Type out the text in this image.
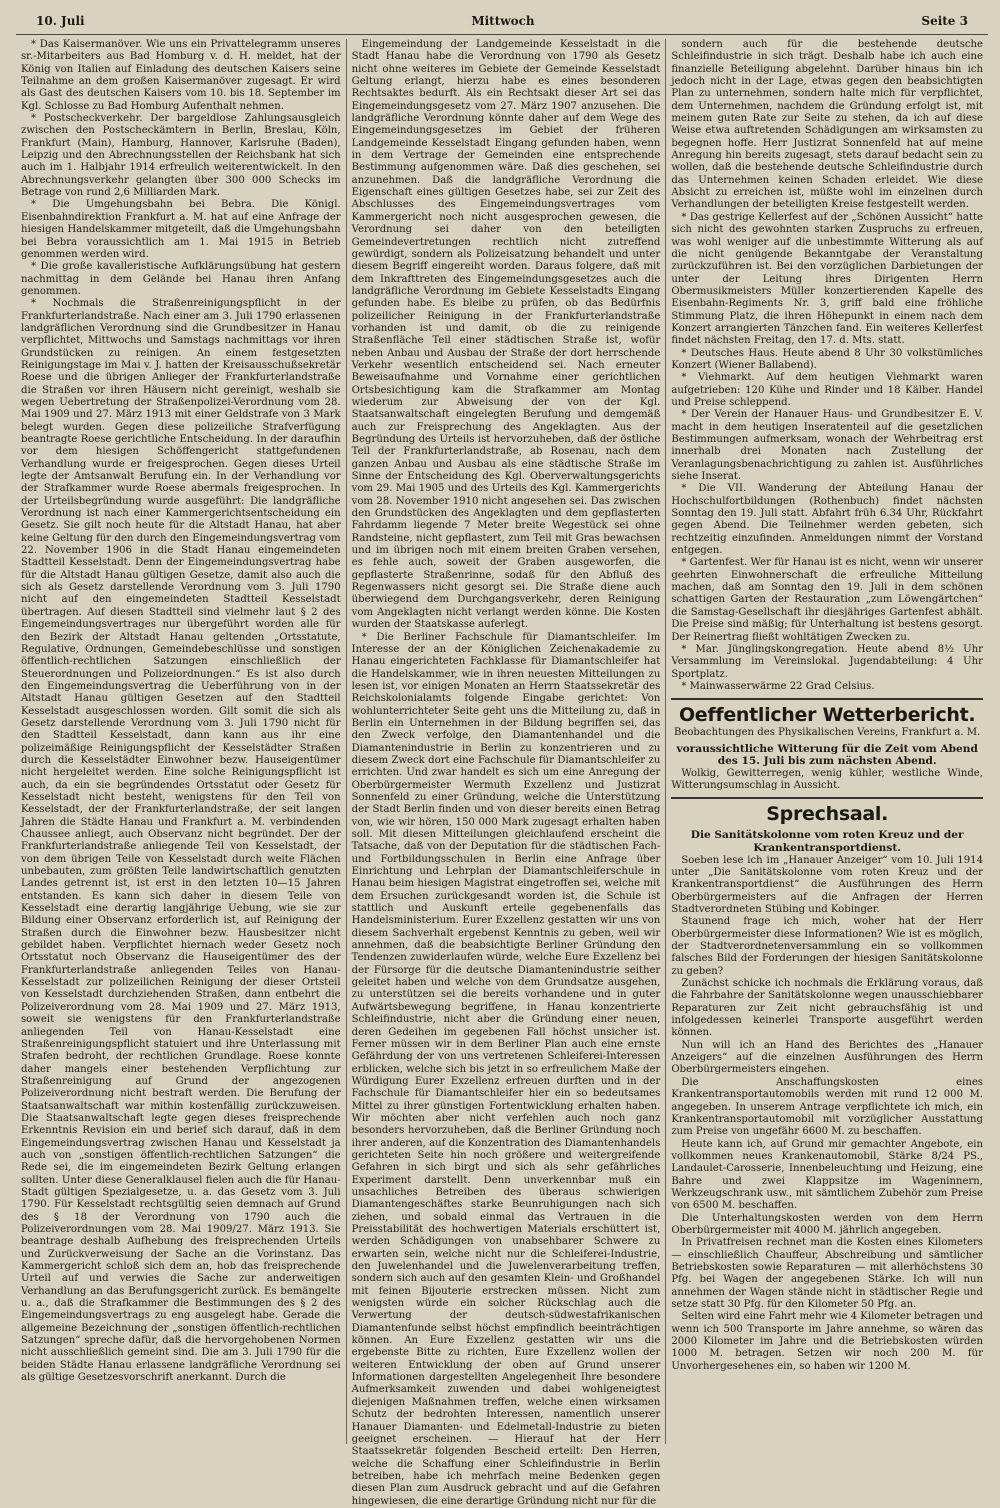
10. Juli	Mittwoch	Seite 3

* Das Kaisermanöver. Wie uns ein Privattelegramm unseres sr.-Mitarbeiters aus Bad Homburg v. d. H. meldet, hat der König von Italien auf Einladung des deutschen Kaisers seine Teilnahme an dem großen Kaisermanöver zugesagt. Er wird als Gast des deutschen Kaisers vom 10. bis 18. September im Kgl. Schlosse zu Bad Homburg Aufenthalt nehmen.

* Postscheckverkehr. Der bargeldlose Zahlungsausgleich zwischen den Postscheckämtern in Berlin, Breslau, Köln, Frankfurt (Main), Hamburg, Hannover, Karlsruhe (Baden), Leipzig und den Abrechnungsstellen der Reichsbank hat sich auch im 1. Halbjahr 1914 erfreulich weiterentwickelt. In den Abrechnungsverkehr gelangten über 300 000 Schecks im Betrage von rund 2,6 Milliarden Mark.

* Die Umgehungsbahn bei Bebra. Die Königl. Eisenbahndirektion Frankfurt a. M. hat auf eine Anfrage der hiesigen Handelskammer mitgeteilt, daß die Umgehungsbahn bei Bebra voraussichtlich am 1. Mai 1915 in Betrieb genommen werden wird.

* Die große kavalleristische Aufklärungsübung hat gestern nachmittag in dem Gelände bei Hanau ihren Anfang genommen.

* Nochmals die Straßenreinigungspflicht in der Frankfurterlandstraße. Nach einer am 3. Juli 1790 erlassenen landgräflichen Verordnung sind die Grundbesitzer in Hanau verpflichtet, Mittwochs und Samstags nachmittags vor ihren Grundstücken zu reinigen. An einem festgesetzten Reinigungstage im Mai v. J. hatten der Kreisausschußsekretär Roese und die übrigen Anlieger der Frankfurterlandstraße die Straßen vor ihren Häusern nicht gereinigt, weshalb sie wegen Uebertretung der Straßenpolizei-Verordnung vom 28. Mai 1909 und 27. März 1913 mit einer Geldstrafe von 3 Mark belegt wurden. Gegen diese polizeiliche Strafverfügung beantragte Roese gerichtliche Entscheidung. In der daraufhin vor dem hiesigen Schöffengericht stattgefundenen Verhandlung wurde er freigesprochen. Gegen dieses Urteil legte der Amtsanwalt Berufung ein. In der Verhandlung vor der Strafkammer wurde Roese abermals freigesprochen. In der Urteilsbegründung wurde ausgeführt: Die landgräfliche Verordnung ist nach einer Kammergerichtsentscheidung ein Gesetz. Sie gilt noch heute für die Altstadt Hanau, hat aber keine Geltung für den durch den Eingemeindungsvertrag vom 22. November 1906 in die Stadt Hanau eingemeindeten Stadtteil Kesselstadt. Denn der Eingemeindungsvertrag habe für die Altstadt Hanau gültigen Gesetze, damit also auch die sich als Gesetz darstellende Verordnung vom 3. Juli 1790 nicht auf den eingemeindeten Stadtteil Kesselstadt übertragen. Auf diesen Stadtteil sind vielmehr laut § 2 des Eingemeindungsvertrages nur übergeführt worden alle für den Bezirk der Altstadt Hanau geltenden „Ortsstatute, Regulative, Ordnungen, Gemeindebeschlüsse und sonstigen öffentlich-rechtlichen Satzungen einschließlich der Steuerordnungen und Polizeiordnungen.“ Es ist also durch den Eingemeindungsvertrag die Ueberführung von in der Altstadt Hanau gültigen Gesetzen auf den Stadtteil Kesselstadt ausgeschlossen worden. Gilt somit die sich als Gesetz darstellende Verordnung vom 3. Juli 1790 nicht für den Stadtteil Kesselstadt, dann kann aus ihr eine polizeimäßige Reinigungspflicht der Kesselstädter Straßen durch die Kesselstädter Einwohner bezw. Hauseigentümer nicht hergeleitet werden. Eine solche Reinigungspflicht ist auch, da ein sie begründendes Ortsstatut oder Gesetz für Kesselstadt nicht besteht, wenigstens für den Teil von Kesselstadt, der der Frankfurterlandstraße, der seit langen Jahren die Städte Hanau und Frankfurt a. M. verbindenden Chaussee anliegt, auch Observanz nicht begründet. Der der Frankfurterlandstraße anliegende Teil von Kesselstadt, der von dem übrigen Teile von Kesselstadt durch weite Flächen unbebauten, zum größten Teile landwirtschaftlich genutzten Landes getrennt ist, ist erst in den letzten 10—15 Jahren entstanden. Es kann sich daher in diesem Teile von Kesselstadt eine derartig langjährige Uebung, wie sie zur Bildung einer Observanz erforderlich ist, auf Reinigung der Straßen durch die Einwohner bezw. Hausbesitzer nicht gebildet haben. Verpflichtet hiernach weder Gesetz noch Ortsstatut noch Observanz die Hauseigentümer des der Frankfurterlandstraße anliegenden Teiles von Hanau-Kesselstadt zur polizeilichen Reinigung der dieser Ortsteil von Kesselstadt durchziehenden Straßen, dann entbehrt die Polizeiverordnung vom 28. Mai 1909 und 27. März 1913, soweit sie wenigstens für den Frankfurterlandstraße anliegenden Teil von Hanau-Kesselstadt eine Straßenreinigungspflicht statuiert und ihre Unterlassung mit Strafen bedroht, der rechtlichen Grundlage. Roese konnte daher mangels einer bestehenden Verpflichtung zur Straßenreinigung auf Grund der angezogenen Polizeiverordnung nicht bestraft werden. Die Berufung der Staatsanwaltschaft war mithin kostenfällig zurückzuweisen. Die Staatsanwaltschaft legte gegen dieses freisprechende Erkenntnis Revision ein und berief sich darauf, daß in dem Eingemeindungsvertrag zwischen Hanau und Kesselstadt ja auch von „sonstigen öffentlich-rechtlichen Satzungen“ die Rede sei, die im eingemeindeten Bezirk Geltung erlangen sollten. Unter diese Generalklausel fielen auch die für Hanau-Stadt gültigen Spezialgesetze, u. a. das Gesetz vom 3. Juli 1790. Für Kesselstadt rechtsgültig seien demnach auf Grund des § 18 der Verordnung von 1790 auch die Polizeiverordnungen vom 28. Mai 1909/27. März 1913. Sie beantrage deshalb Aufhebung des freisprechenden Urteils und Zurückverweisung der Sache an die Vorinstanz. Das Kammergericht schloß sich dem an, hob das freisprechende Urteil auf und verwies die Sache zur anderweitigen Verhandlung an das Berufungsgericht zurück. Es bemängelte u. a., daß die Strafkammer die Bestimmungen des § 2 des Eingemeindungsvertrags zu eng ausgelegt habe. Gerade die allgemeine Bezeichnung der „sonstigen öffentlich-rechtlichen Satzungen“ spreche dafür, daß die hervorgehobenen Normen nicht ausschließlich gemeint sind. Die am 3. Juli 1790 für die beiden Städte Hanau erlassene landgräfliche Verordnung sei als gültige Gesetzesvorschrift anerkannt. Durch die

Eingemeindung der Landgemeinde Kesselstadt in die Stadt Hanau habe die Verordnung von 1790 als Gesetz nicht ohne weiteres im Gebiete der Gemeinde Kesselstadt Geltung erlangt, hierzu habe es eines besonderen Rechtsaktes bedurft. Als ein Rechtsakt dieser Art sei das Eingemeindungsgesetz vom 27. März 1907 anzusehen. Die landgräfliche Verordnung könnte daher auf dem Wege des Eingemeindungsgesetzes im Gebiet der früheren Landgemeinde Kesselstadt Eingang gefunden haben, wenn in dem Vertrage der Gemeinden eine entsprechende Bestimmung aufgenommen wäre. Daß dies geschehen, sei anzunehmen. Daß die landgräfliche Verordnung die Eigenschaft eines gültigen Gesetzes habe, sei zur Zeit des Abschlusses des Eingemeindungsvertrages vom Kammergericht noch nicht ausgesprochen gewesen, die Verordnung sei daher von den beteiligten Gemeindevertretungen rechtlich nicht zutreffend gewürdigt, sondern als Polizeisatzung behandelt und unter diesem Begriff eingereiht worden. Daraus folgere, daß mit dem Inkrafttreten des Eingemeindungsgesetzes auch die landgräfliche Verordnung im Gebiete Kesselstadts Eingang gefunden habe. Es bleibe zu prüfen, ob das Bedürfnis polizeilicher Reinigung in der Frankfurterlandstraße vorhanden ist und damit, ob die zu reinigende Straßenfläche Teil einer städtischen Straße ist, wofür neben Anbau und Ausbau der Straße der dort herrschende Verkehr wesentlich entscheidend sei. Nach erneuter Beweisaufnahme und Vornahme einer gerichtlichen Ortsbesichtigung kam die Strafkammer am Montag wiederum zur Abweisung der von der Kgl. Staatsanwaltschaft eingelegten Berufung und demgemäß auch zur Freisprechung des Angeklagten. Aus der Begründung des Urteils ist hervorzuheben, daß der östliche Teil der Frankfurterlandstraße, ab Rosenau, nach dem ganzen Anbau und Ausbau als eine städtische Straße im Sinne der Entscheidung des Kgl. Oberverwaltungsgerichts vom 29. Mai 1905 und des Urteils des Kgl. Kammergerichts vom 28. November 1910 nicht angesehen sei. Das zwischen den Grundstücken des Angeklagten und dem gepflasterten Fahrdamm liegende 7 Meter breite Wegestück sei ohne Randsteine, nicht gepflastert, zum Teil mit Gras bewachsen und im übrigen noch mit einem breiten Graben versehen, es fehle auch, soweit der Graben ausgeworfen, die gepflasterte Straßenrinne, sodaß für den Abfluß des Regenwassers nicht gesorgt sei. Die Straße diene auch überwiegend dem Durchgangsverkehr, deren Reinigung vom Angeklagten nicht verlangt werden könne. Die Kosten wurden der Staatskasse auferlegt.

* Die Berliner Fachschule für Diamantschleifer. Im Interesse der an der Königlichen Zeichenakademie zu Hanau eingerichteten Fachklasse für Diamantschleifer hat die Handelskammer, wie in ihren neuesten Mitteilungen zu lesen ist, vor einigen Monaten an Herrn Staatssekretär des Reichskolonialamts folgende Eingabe gerichtet: Von wohlunterrichteter Seite geht uns die Mitteilung zu, daß in Berlin ein Unternehmen in der Bildung begriffen sei, das den Zweck verfolge, den Diamantenhandel und die Diamantenindustrie in Berlin zu konzentrieren und zu diesem Zweck dort eine Fachschule für Diamantschleifer zu errichten. Und zwar handelt es sich um eine Anregung der Oberbürgermeister Wermuth Exzellenz und Justizrat Sonnenfeld zu einer Gründung, welche die Unterstützung der Stadt Berlin finden und von dieser bereits einen Betrag von, wie wir hören, 150 000 Mark zugesagt erhalten haben soll. Mit diesen Mitteilungen gleichlaufend erscheint die Tatsache, daß von der Deputation für die städtischen Fach- und Fortbildungsschulen in Berlin eine Anfrage über Einrichtung und Lehrplan der Diamantschleiferschule in Hanau beim hiesigen Magistrat eingetroffen sei, welche mit dem Ersuchen zurückgesandt worden ist, die Schule ist stattlich und Auskunft erteile gegebenenfalls das Handelsministerium. Eurer Exzellenz gestatten wir uns von diesem Sachverhalt ergebenst Kenntnis zu geben, weil wir annehmen, daß die beabsichtigte Berliner Gründung den Tendenzen zuwiderlaufen würde, welche Eure Exzellenz bei der Fürsorge für die deutsche Diamantenindustrie seither geleitet haben und welche von dem Grundsatze ausgehen, zu unterstützen sei die bereits vorhandene und in guter Aufwärtsbewegung begriffene, in Hanau konzentrierte Schleifindustrie, nicht aber die Gründung einer neuen, deren Gedeihen im gegebenen Fall höchst unsicher ist. Ferner müssen wir in dem Berliner Plan auch eine ernste Gefährdung der von uns vertretenen Schleiferei-Interessen erblicken, welche sich bis jetzt in so erfreulichem Maße der Würdigung Eurer Exzellenz erfreuen durften und in der Fachschule für Diamantschleifer hier ein so bedeutsames Mittel zu ihrer günstigen Fortentwicklung erhalten haben. Wir möchten aber nicht verfehlen auch noch ganz besonders hervorzuheben, daß die Berliner Gründung noch ihrer anderen, auf die Konzentration des Diamantenhandels gerichteten Seite hin noch größere und weitergreifende Gefahren in sich birgt und sich als sehr gefährliches Experiment darstellt. Denn unverkennbar muß ein unsachliches Betreiben des überaus schwierigen Diamantengeschäftes starke Beunruhigungen nach sich ziehen, und sobald einmal das Vertrauen in die Preisstabilität des hochwertigen Materials erschüttert ist, werden Schädigungen von unabsehbarer Schwere zu erwarten sein, welche nicht nur die Schleiferei-Industrie, den Juwelenhandel und die Juwelenverarbeitung treffen, sondern sich auch auf den gesamten Klein- und Großhandel mit feinen Bijouterie erstrecken müssen. Nicht zum wenigsten würde ein solcher Rückschlag auch die Verwertung der deutsch-südwestafrikanischen Diamantenfunde selbst höchst empfindlich beeinträchtigen können. An Eure Exzellenz gestatten wir uns die ergebenste Bitte zu richten, Eure Exzellenz wollen der weiteren Entwicklung der oben auf Grund unserer Informationen dargestellten Angelegenheit Ihre besondere Aufmerksamkeit zuwenden und dabei wohlgeneigtest diejenigen Maßnahmen treffen, welche einen wirksamen Schutz der bedrohten Interessen, namentlich unserer Hanauer Diamanten- und Edelmetall-Industrie zu bieten geeignet erscheinen. — Hierauf hat der Herr Staatssekretär folgenden Bescheid erteilt: Den Herren, welche die Schaffung einer Schleifindustrie in Berlin betreiben, habe ich mehrfach meine Bedenken gegen diesen Plan zum Ausdruck gebracht und auf die Gefahren hingewiesen, die eine derartige Gründung nicht nur für die

sondern auch für die bestehende deutsche Schleifindustrie in sich trägt. Deshalb habe ich auch eine finanzielle Beteiligung abgelehnt. Darüber hinaus bin ich jedoch nicht in der Lage, etwas gegen den beabsichtigten Plan zu unternehmen, sondern halte mich für verpflichtet, dem Unternehmen, nachdem die Gründung erfolgt ist, mit meinem guten Rate zur Seite zu stehen, da ich auf diese Weise etwa auftretenden Schädigungen am wirksamsten zu begegnen hoffe. Herr Justizrat Sonnenfeld hat auf meine Anregung hin bereits zugesagt, stets darauf bedacht sein zu wollen, daß die bestehende deutsche Schleifindustrie durch das Unternehmen keinen Schaden erleidet. Wie diese Absicht zu erreichen ist, müßte wohl im einzelnen durch Verhandlungen der beteiligten Kreise festgestellt werden.

* Das gestrige Kellerfest auf der „Schönen Aussicht“ hatte sich nicht des gewohnten starken Zuspruchs zu erfreuen, was wohl weniger auf die unbestimmte Witterung als auf die nicht genügende Bekanntgabe der Veranstaltung zurückzuführen ist. Bei den vorzüglichen Darbietungen der unter der Leitung ihres Dirigenten Herrn Obermusikmeisters Müller konzertierenden Kapelle des Eisenbahn-Regiments Nr. 3, griff bald eine fröhliche Stimmung Platz, die ihren Höhepunkt in einem nach dem Konzert arrangierten Tänzchen fand. Ein weiteres Kellerfest findet nächsten Freitag, den 17. d. Mts. statt.

* Deutsches Haus. Heute abend 8 Uhr 30 volkstümliches Konzert (Wiener Ballabend).

* Viehmarkt. Auf dem heutigen Viehmarkt waren aufgetrieben: 120 Kühe und Rinder und 18 Kälber. Handel und Preise schleppend.

* Der Verein der Hanauer Haus- und Grundbesitzer E. V. macht in dem heutigen Inseratenteil auf die gesetzlichen Bestimmungen aufmerksam, wonach der Wehrbeitrag erst innerhalb drei Monaten nach Zustellung der Veranlagungsbenachrichtigung zu zahlen ist. Ausführliches siehe Inserat.

* Die VII. Wanderung der Abteilung Hanau der Hochschulfortbildungen (Rothenbuch) findet nächsten Sonntag den 19. Juli statt. Abfahrt früh 6.34 Uhr, Rückfahrt gegen Abend. Die Teilnehmer werden gebeten, sich rechtzeitig einzufinden. Anmeldungen nimmt der Vorstand entgegen.

* Gartenfest. Wer für Hanau ist es nicht, wenn wir unserer geehrten Einwohnerschaft die erfreuliche Mitteilung machen, daß am Sonntag den 19. Juli in dem schönen schattigen Garten der Restauration „zum Löwengärtchen“ die Samstag-Gesellschaft ihr diesjähriges Gartenfest abhält. Die Preise sind mäßig; für Unterhaltung ist bestens gesorgt. Der Reinertrag fließt wohltätigen Zwecken zu.

* Mar. Jünglingskongregation. Heute abend 8½ Uhr Versammlung im Vereinslokal. Jugendabteilung: 4 Uhr Sportplatz.

* Mainwasserwärme 22 Grad Celsius.

Oeffentlicher Wetterbericht.

Beobachtungen des Physikalischen Vereins, Frankfurt a. M.

voraussichtliche Witterung für die Zeit vom Abend des 15. Juli bis zum nächsten Abend.

Wolkig, Gewitterregen, wenig kühler, westliche Winde, Witterungsumschlag in Aussicht.

Sprechsaal.
Die Sanitätskolonne vom roten Kreuz und der Krankentransportdienst.

Soeben lese ich im „Hanauer Anzeiger“ vom 10. Juli 1914 unter „Die Sanitätskolonne vom roten Kreuz und der Krankentransportdienst“ die Ausführungen des Herrn Oberbürgermeisters auf die Anfragen der Herren Stadtverordneten Stübing und Kobinger.

Staunend frage ich mich, woher hat der Herr Oberbürgermeister diese Informationen? Wie ist es möglich, der Stadtverordnetenversammlung ein so vollkommen falsches Bild der Forderungen der hiesigen Sanitätskolonne zu geben?

Zunächst schicke ich nochmals die Erklärung voraus, daß die Fahrbahre der Sanitätskolonne wegen unausschiebbarer Reparaturen zur Zeit nicht gebrauchsfähig ist und infolgedessen keinerlei Transporte ausgeführt werden können.

Nun will ich an Hand des Berichtes des „Hanauer Anzeigers“ auf die einzelnen Ausführungen des Herrn Oberbürgermeisters eingehen.

Die Anschaffungskosten eines Krankentransportautomobils werden mit rund 12 000 M. angegeben. In unserem Antrage verpflichtete ich mich, ein Krankentransportautomobil mit vorzüglicher Ausstattung zum Preise von ungefähr 6600 M. zu beschaffen.

Heute kann ich, auf Grund mir gemachter Angebote, ein vollkommen neues Krankenautomobil, Stärke 8/24 PS., Landaulet-Carosserie, Innenbeleuchtung und Heizung, eine Bahre und zwei Klappsitze im Wageninnern, Werkzeugschrank usw., mit sämtlichem Zubehör zum Preise von 6500 M. beschaffen.

Die Unterhaltungskosten werden von dem Herrn Oberbürgermeister mit 4000 M. jährlich angegeben.

In Privatfreisen rechnet man die Kosten eines Kilometers — einschließlich Chauffeur, Abschreibung und sämtlicher Betriebskosten sowie Reparaturen — mit allerhöchstens 30 Pfg. bei Wagen der angegebenen Stärke. Ich will nun annehmen der Wagen stände nicht in städtischer Regie und setze statt 30 Pfg. für den Kilometer 50 Pfg. an.

Selten wird eine Fahrt mehr wie 4 Kilometer betragen und wenn ich 500 Transporte im Jahre annehme, so wären das 2000 Kilometer im Jahre und die Betriebskosten würden 1000 M. betragen. Setzen wir noch 200 M. für Unvorhergesehenes ein, so haben wir 1200 M.
